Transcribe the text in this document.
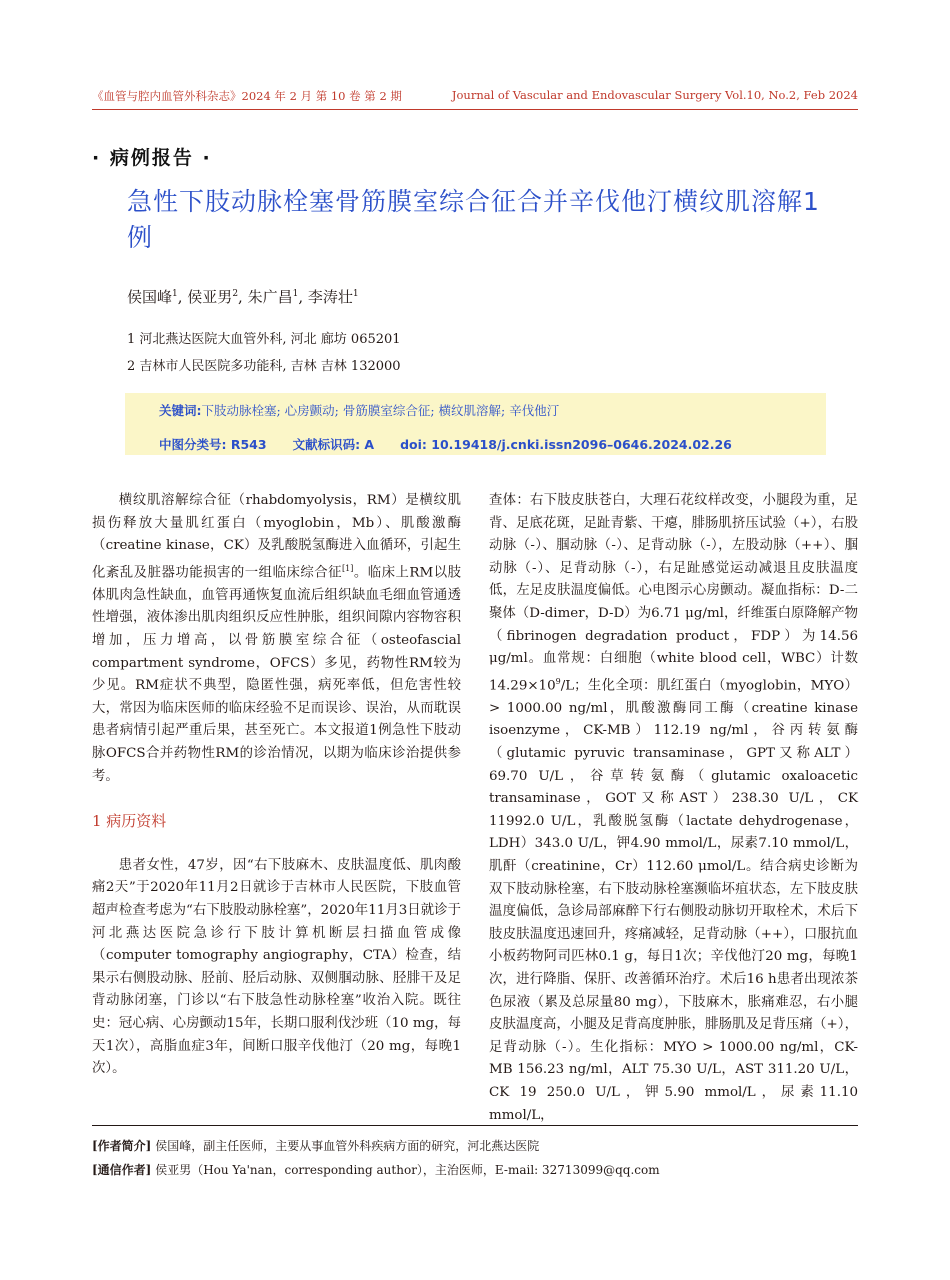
《血管与腔内血管外科杂志》2024 年 2 月 第 10 卷 第 2 期	Journal of Vascular and Endovascular Surgery Vol.10, No.2, Feb 2024
· 病例报告 ·
急性下肢动脉栓塞骨筋膜室综合征合并辛伐他汀横纹肌溶解1例
侯国峰$^1$, 侯亚男$^2$, 朱广昌$^1$, 李涛壮$^1$
1 河北燕达医院大血管外科, 河北 廊坊 065201
2 吉林市人民医院多功能科, 吉林 吉林 132000
关键词:下肢动脉栓塞; 心房颤动; 骨筋膜室综合征; 横纹肌溶解; 辛伐他汀
中图分类号: R543 文献标识码: A doi: 10.19418/j.cnki.issn2096–0646.2024.02.26

横纹肌溶解综合征（rhabdomyolysis，RM）是横纹肌损伤释放大量肌红蛋白（myoglobin，Mb）、肌酸激酶（creatine kinase，CK）及乳酸脱氢酶进入血循环，引起生化紊乱及脏器功能损害的一组临床综合征[1]。临床上RM以肢体肌肉急性缺血，血管再通恢复血流后组织缺血毛细血管通透性增强，液体渗出肌肉组织反应性肿胀，组织间隙内容物容积增加，压力增高，以骨筋膜室综合征（osteofascial compartment syndrome，OFCS）多见，药物性RM较为少见。RM症状不典型，隐匿性强，病死率低，但危害性较大，常因为临床医师的临床经验不足而误诊、误治，从而耽误患者病情引起严重后果，甚至死亡。本文报道1例急性下肢动脉OFCS合并药物性RM的诊治情况，以期为临床诊治提供参考。

1 病历资料

患者女性，47岁，因“右下肢麻木、皮肤温度低、肌肉酸痛2天”于2020年11月2日就诊于吉林市人民医院，下肢血管超声检查考虑为“右下肢股动脉栓塞”，2020年11月3日就诊于河北燕达医院急诊行下肢计算机断层扫描血管成像（computer tomography angiography，CTA）检查，结果示右侧股动脉、胫前、胫后动脉、双侧腘动脉、胫腓干及足背动脉闭塞，门诊以“右下肢急性动脉栓塞”收治入院。既往史：冠心病、心房颤动15年，长期口服利伐沙班（10 mg，每天1次），高脂血症3年，间断口服辛伐他汀（20 mg，每晚1次）。

查体：右下肢皮肤苍白，大理石花纹样改变，小腿段为重，足背、足底花斑，足趾青紫、干瘪，腓肠肌挤压试验（+），右股动脉（-）、腘动脉（-）、足背动脉（-），左股动脉（++）、腘动脉（-）、足背动脉（-），右足趾感觉运动减退且皮肤温度低，左足皮肤温度偏低。心电图示心房颤动。凝血指标：D-二聚体（D-dimer，D-D）为6.71 μg/ml，纤维蛋白原降解产物（fibrinogen degradation product，FDP）为14.56 μg/ml。血常规：白细胞（white blood cell，WBC）计数$14.29\times 10^9/L$；生化全项：肌红蛋白（myoglobin，MYO）> 1000.00 ng/ml，肌酸激酶同工酶（creatine kinase isoenzyme，CK-MB）112.19 ng/ml，谷丙转氨酶（glutamic pyruvic transaminase，GPT又称ALT）69.70 U/L，谷草转氨酶（glutamic oxaloacetic transaminase，GOT又称AST）238.30 U/L，CK 11992.0 U/L，乳酸脱氢酶（lactate dehydrogenase，LDH）343.0 U/L，钾4.90 mmol/L，尿素7.10 mmol/L，肌酐（creatinine，Cr）112.60 μmol/L。结合病史诊断为双下肢动脉栓塞，右下肢动脉栓塞濒临坏疽状态，左下肢皮肤温度偏低，急诊局部麻醉下行右侧股动脉切开取栓术，术后下肢皮肤温度迅速回升，疼痛减轻，足背动脉（++），口服抗血小板药物阿司匹林0.1 g，每日1次；辛伐他汀20 mg，每晚1次，进行降脂、保肝、改善循环治疗。术后16 h患者出现浓茶色尿液（累及总尿量80 mg），下肢麻木，胀痛难忍，右小腿皮肤温度高，小腿及足背高度肿胀，腓肠肌及足背压痛（+），足背动脉（-）。生化指标：MYO > 1000.00 ng/ml，CK-MB 156.23 ng/ml，ALT 75.30 U/L，AST 311.20 U/L，CK 19 250.0 U/L，钾5.90 mmol/L，尿素11.10 mmol/L，

[作者简介] 侯国峰，副主任医师，主要从事血管外科疾病方面的研究，河北燕达医院
[通信作者] 侯亚男（Hou Ya'nan，corresponding author），主治医师，E-mail: 32713099@qq.com
